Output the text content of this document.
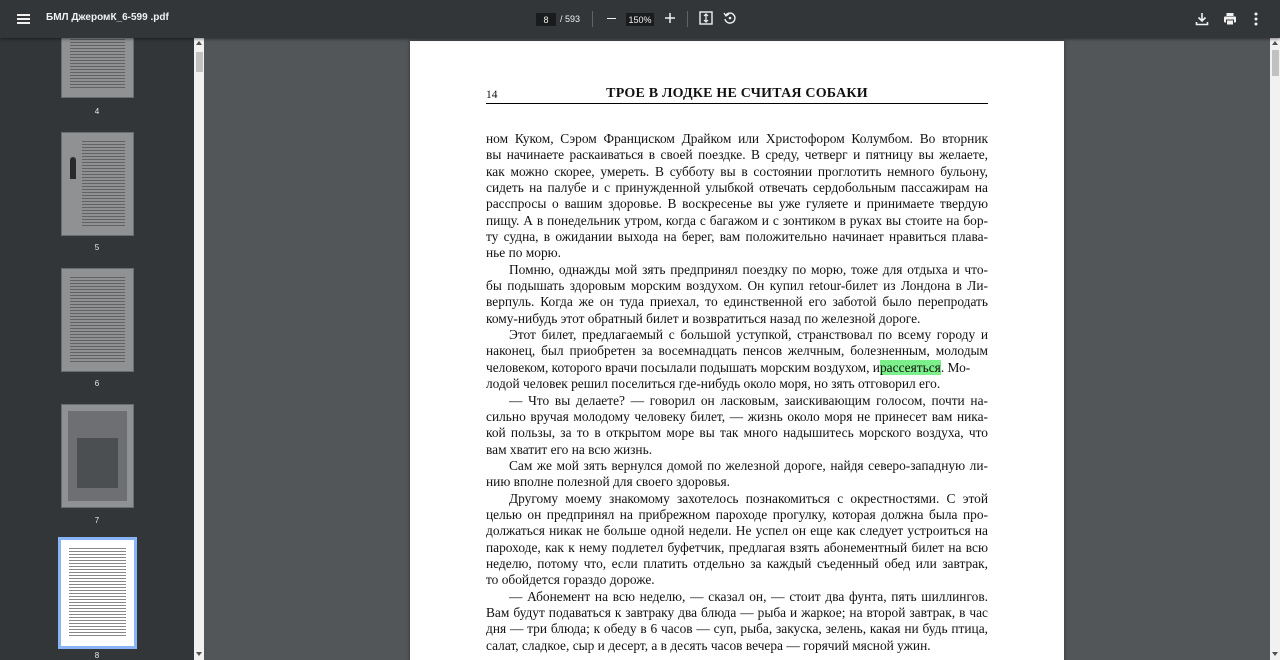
БМЛ ДжеромК_6-599 .pdf
8	/ 593
150%
4
5
6
7
8
14	ТРОЕ В ЛОДКЕ НЕ СЧИТАЯ СОБАКИ
ном Куком, Сэром Франциском Драйком или Христофором Колумбом. Во вторник
вы начинаете раскаиваться в своей поездке. В среду, четверг и пятницу вы желаете,
как можно скорее, умереть. В субботу вы в состоянии проглотить немного бульону,
сидеть на палубе и с принужденной улыбкой отвечать сердобольным пассажирам на
расспросы о вашим здоровье. В воскресенье вы уже гуляете и принимаете твердую
пищу. А в понедельник утром, когда с багажом и с зонтиком в руках вы стоите на бор-
ту судна, в ожидании выхода на берег, вам положительно начинает нравиться плава-
нье по морю.
Помню, однажды мой зять предпринял поездку по морю, тоже для отдыха и что-
бы подышать здоровым морским воздухом. Он купил retour-билет из Лондона в Ли-
верпуль. Когда же он туда приехал, то единственной его заботой было перепродать
кому-нибудь этот обратный билет и возвратиться назад по железной дороге.
Этот билет, предлагаемый с большой уступкой, странствовал по всему городу и
наконец, был приобретен за восемнадцать пенсов желчным, болезненным, молодым
человеком, которого врачи посылали подышать морским воздухом, ирассеяться. Мо-
лодой человек решил поселиться где-нибудь около моря, но зять отговорил его.
— Что вы делаете? — говорил он ласковым, заискивающим голосом, почти на-
сильно вручая молодому человеку билет, — жизнь около моря не принесет вам ника-
кой пользы, за то в открытом море вы так много надышитесь морского воздуха, что
вам хватит его на всю жизнь.
Сам же мой зять вернулся домой по железной дороге, найдя северо-западную ли-
нию вполне полезной для своего здоровья.
Другому моему знакомому захотелось познакомиться с окрестностями. С этой
целью он предпринял на прибрежном пароходе прогулку, которая должна была про-
должаться никак не больше одной недели. Не успел он еще как следует устроиться на
пароходе, как к нему подлетел буфетчик, предлагая взять абонементный билет на всю
неделю, потому что, если платить отдельно за каждый съеденный обед или завтрак,
то обойдется гораздо дороже.
— Абонемент на всю неделю, — сказал он, — стоит два фунта, пять шиллингов.
Вам будут подаваться к завтраку два блюда — рыба и жаркое; на второй завтрак, в час
дня — три блюда; к обеду в 6 часов — суп, рыба, закуска, зелень, какая ни будь птица,
салат, сладкое, сыр и десерт, а в десять часов вечера — горячий мясной ужин.
